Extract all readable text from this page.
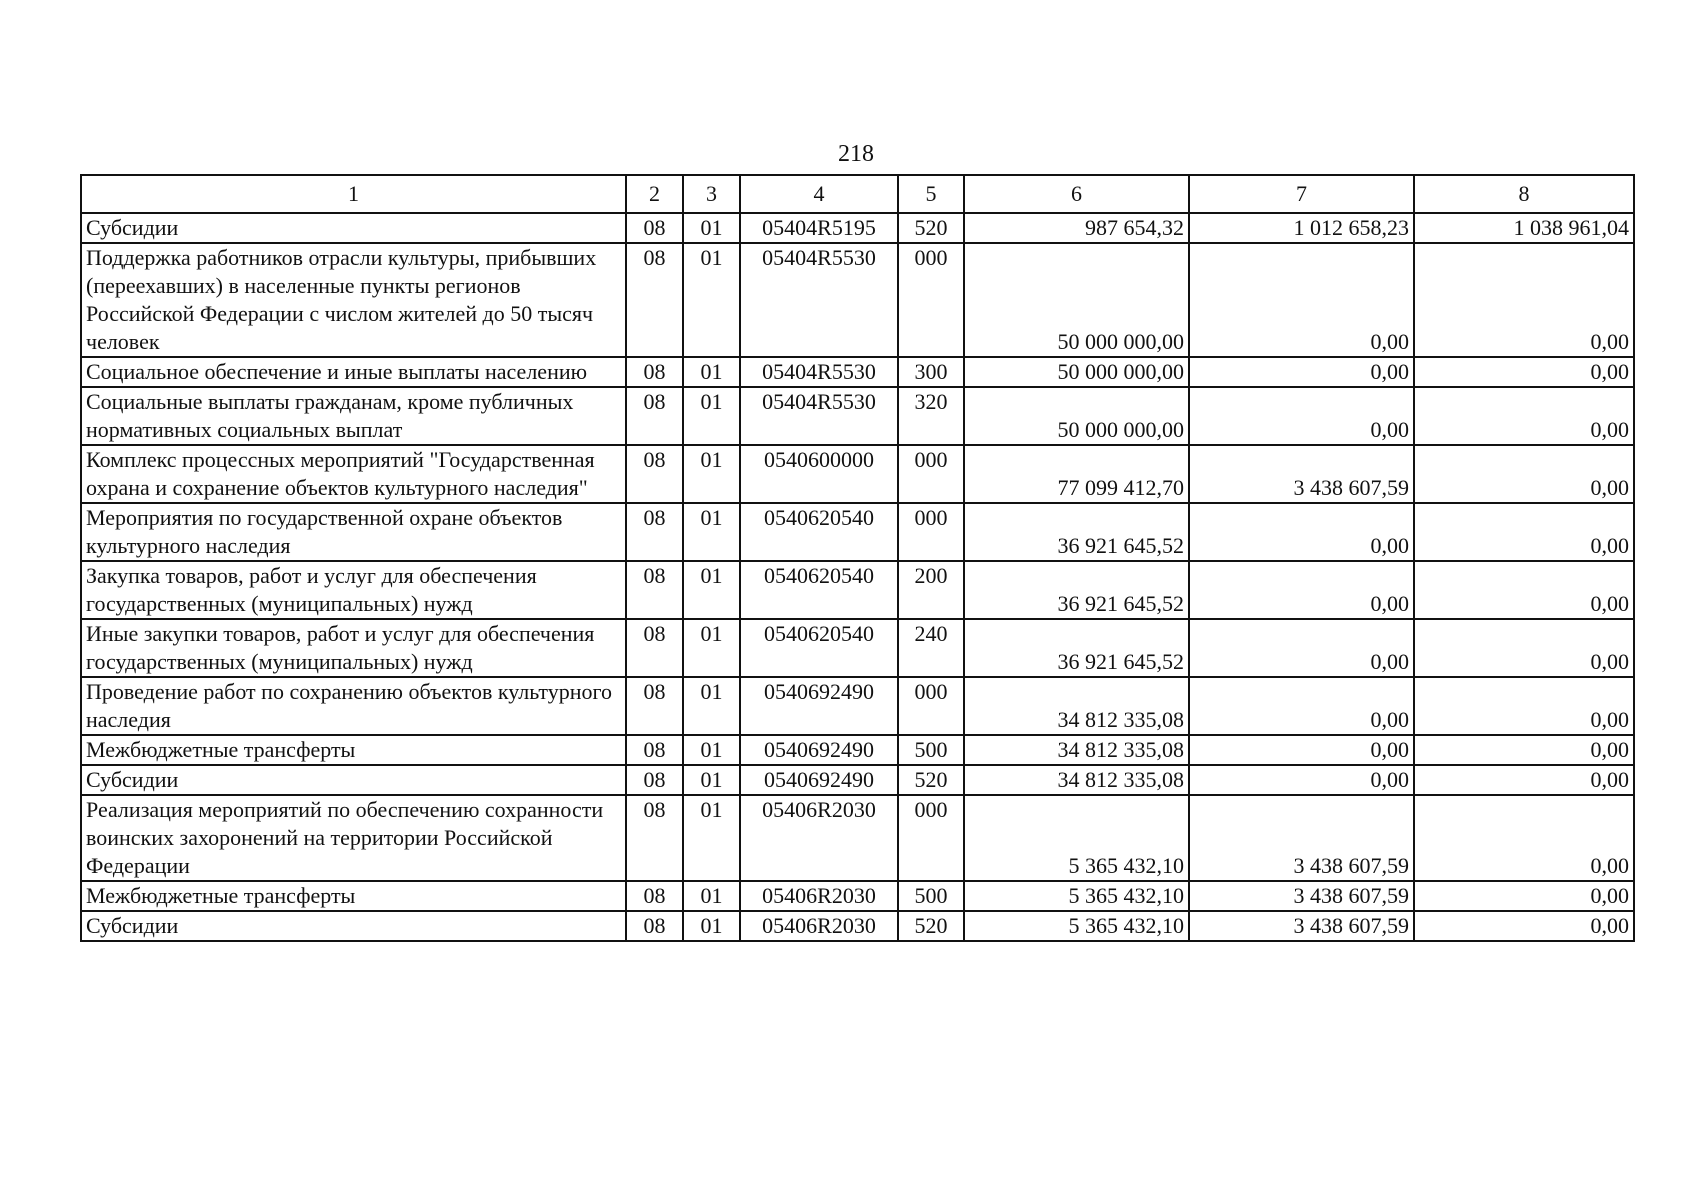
218
1	2	3	4	5	6	7	8
Субсидии	08	01	05404R5195	520	987 654,32	1 012 658,23	1 038 961,04
Поддержка работников отрасли культуры, прибывших (переехавших) в населенные пункты регионов Российской Федерации с числом жителей до 50 тысяч человек	08	01	05404R5530	000	50 000 000,00	0,00	0,00
Социальное обеспечение и иные выплаты населению	08	01	05404R5530	300	50 000 000,00	0,00	0,00
Социальные выплаты гражданам, кроме публичных нормативных социальных выплат	08	01	05404R5530	320	50 000 000,00	0,00	0,00
Комплекс процессных мероприятий "Государственная охрана и сохранение объектов культурного наследия"	08	01	0540600000	000	77 099 412,70	3 438 607,59	0,00
Мероприятия по государственной охране объектов культурного наследия	08	01	0540620540	000	36 921 645,52	0,00	0,00
Закупка товаров, работ и услуг для обеспечения государственных (муниципальных) нужд	08	01	0540620540	200	36 921 645,52	0,00	0,00
Иные закупки товаров, работ и услуг для обеспечения государственных (муниципальных) нужд	08	01	0540620540	240	36 921 645,52	0,00	0,00
Проведение работ по сохранению объектов культурного наследия	08	01	0540692490	000	34 812 335,08	0,00	0,00
Межбюджетные трансферты	08	01	0540692490	500	34 812 335,08	0,00	0,00
Субсидии	08	01	0540692490	520	34 812 335,08	0,00	0,00
Реализация мероприятий по обеспечению сохранности воинских захоронений на территории Российской Федерации	08	01	05406R2030	000	5 365 432,10	3 438 607,59	0,00
Межбюджетные трансферты	08	01	05406R2030	500	5 365 432,10	3 438 607,59	0,00
Субсидии	08	01	05406R2030	520	5 365 432,10	3 438 607,59	0,00
